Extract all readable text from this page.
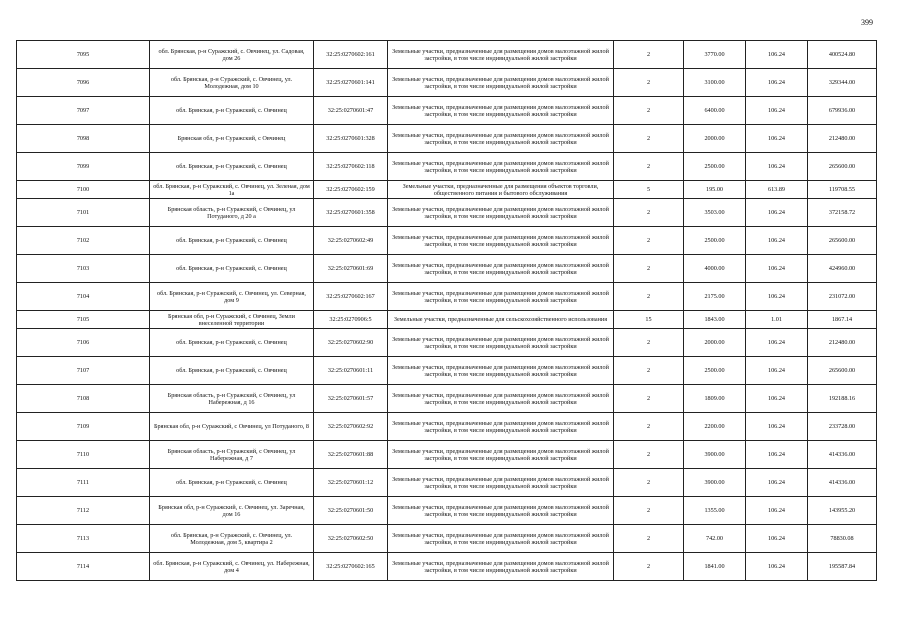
399
7095	обл. Брянская, р-н Суражский, с. Овчинец, ул. Садовая, дом 26	32:25:0270602:161	Земельные участки, предназначенные для размещения домов малоэтажной жилой застройки, в том числе индивидуальной жилой застройки	2	3770.00	106.24	400524.80
7096	обл. Брянская, р-н Суражский, с. Овчинец, ул. Молодежная, дом 10	32:25:0270601:141	Земельные участки, предназначенные для размещения домов малоэтажной жилой застройки, в том числе индивидуальной жилой застройки	2	3100.00	106.24	329344.00
7097	обл. Брянская, р-н Суражский, с. Овчинец	32:25:0270601:47	Земельные участки, предназначенные для размещения домов малоэтажной жилой застройки, в том числе индивидуальной жилой застройки	2	6400.00	106.24	679936.00
7098	Брянская обл, р-н Суражский, с Овчинец	32:25:0270601:328	Земельные участки, предназначенные для размещения домов малоэтажной жилой застройки, в том числе индивидуальной жилой застройки	2	2000.00	106.24	212480.00
7099	обл. Брянская, р-н Суражский, с. Овчинец	32:25:0270602:118	Земельные участки, предназначенные для размещения домов малоэтажной жилой застройки, в том числе индивидуальной жилой застройки	2	2500.00	106.24	265600.00
7100	обл. Брянская, р-н Суражский, с. Овчинец, ул. Зеленая, дом 1а	32:25:0270602:159	Земельные участки, предназначенные для размещения объектов торговли, общественного питания и бытового обслуживания	5	195.00	613.89	119708.55
7101	Брянская область, р-н Суражский, с Овчинец, ул Потуданого, д 20 а	32:25:0270601:358	Земельные участки, предназначенные для размещения домов малоэтажной жилой застройки, в том числе индивидуальной жилой застройки	2	3503.00	106.24	372158.72
7102	обл. Брянская, р-н Суражский, с. Овчинец	32:25:0270602:49	Земельные участки, предназначенные для размещения домов малоэтажной жилой застройки, в том числе индивидуальной жилой застройки	2	2500.00	106.24	265600.00
7103	обл. Брянская, р-н Суражский, с. Овчинец	32:25:0270601:69	Земельные участки, предназначенные для размещения домов малоэтажной жилой застройки, в том числе индивидуальной жилой застройки	2	4000.00	106.24	424960.00
7104	обл. Брянская, р-н Суражский, с. Овчинец, ул. Северная, дом 9	32:25:0270602:167	Земельные участки, предназначенные для размещения домов малоэтажной жилой застройки, в том числе индивидуальной жилой застройки	2	2175.00	106.24	231072.00
7105	Брянская обл, р-н Суражский, с Овчинец, Земли внеселенной территории	32:25:0270906:5	Земельные участки, предназначенные для сельскохозяйственного использования	15	1843.00	1.01	1867.14
7106	обл. Брянская, р-н Суражский, с. Овчинец	32:25:0270602:90	Земельные участки, предназначенные для размещения домов малоэтажной жилой застройки, в том числе индивидуальной жилой застройки	2	2000.00	106.24	212480.00
7107	обл. Брянская, р-н Суражский, с. Овчинец	32:25:0270601:11	Земельные участки, предназначенные для размещения домов малоэтажной жилой застройки, в том числе индивидуальной жилой застройки	2	2500.00	106.24	265600.00
7108	Брянская область, р-н Суражский, с Овчинец, ул Набережная, д 16	32:25:0270601:57	Земельные участки, предназначенные для размещения домов малоэтажной жилой застройки, в том числе индивидуальной жилой застройки	2	1809.00	106.24	192188.16
7109	Брянская обл, р-н Суражский, с Овчинец, ул Потуданого, 8	32:25:0270602:92	Земельные участки, предназначенные для размещения домов малоэтажной жилой застройки, в том числе индивидуальной жилой застройки	2	2200.00	106.24	233728.00
7110	Брянская область, р-н Суражский, с Овчинец, ул Набережная, д 7	32:25:0270601:88	Земельные участки, предназначенные для размещения домов малоэтажной жилой застройки, в том числе индивидуальной жилой застройки	2	3900.00	106.24	414336.00
7111	обл. Брянская, р-н Суражский, с. Овчинец	32:25:0270601:12	Земельные участки, предназначенные для размещения домов малоэтажной жилой застройки, в том числе индивидуальной жилой застройки	2	3900.00	106.24	414336.00
7112	Брянская обл, р-н Суражский, с. Овчинец, ул. Заречная, дом 16	32:25:0270601:50	Земельные участки, предназначенные для размещения домов малоэтажной жилой застройки, в том числе индивидуальной жилой застройки	2	1355.00	106.24	143955.20
7113	обл. Брянская, р-н Суражский, с. Овчинец, ул. Молодежная, дом 5, квартира 2	32:25:0270602:50	Земельные участки, предназначенные для размещения домов малоэтажной жилой застройки, в том числе индивидуальной жилой застройки	2	742.00	106.24	78830.08
7114	обл. Брянская, р-н Суражский, с. Овчинец, ул. Набережная, дом 4	32:25:0270602:165	Земельные участки, предназначенные для размещения домов малоэтажной жилой застройки, в том числе индивидуальной жилой застройки	2	1841.00	106.24	195587.84
